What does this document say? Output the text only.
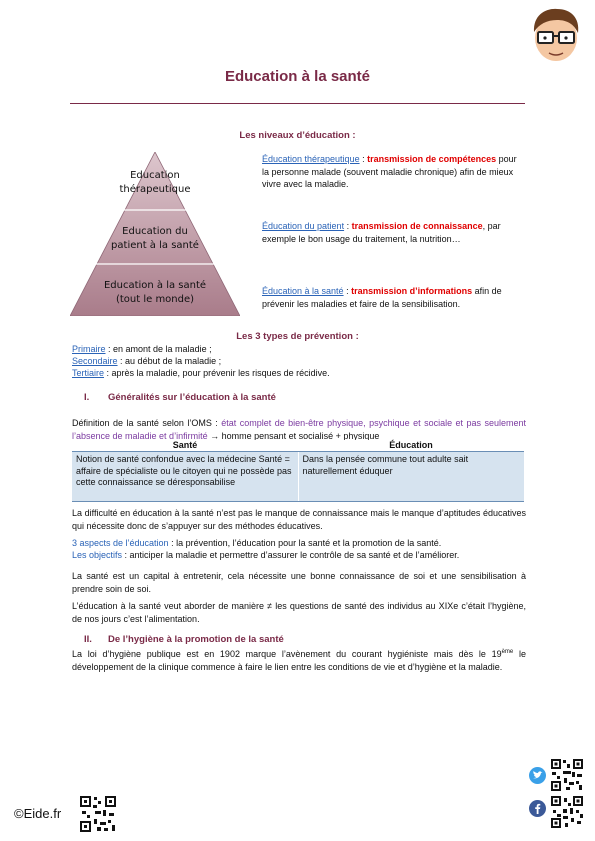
Education à la santé
Les niveaux d’éducation :
Education
thérapeutique
Education du
patient à la santé
Education à la santé
(tout le monde)
Éducation thérapeutique : transmission de compétences pour la personne malade (souvent maladie chronique) afin de mieux vivre avec la maladie.
Éducation du patient : transmission de connaissance, par exemple le bon usage du traitement, la nutrition…
Éducation à la santé : transmission d’informations afin de prévenir les maladies et faire de la sensibilisation.
Les 3 types de prévention :
Primaire : en amont de la maladie ;
Secondaire : au début de la maladie ;
Tertiaire : après la maladie, pour prévenir les risques de récidive.
I. Généralités sur l’éducation à la santé
Définition de la santé selon l’OMS : état complet de bien-être physique, psychique et sociale et pas seulement l’absence de maladie et d’infirmité → homme pensant et socialisé + physique
Santé	Éducation
Notion de santé confondue avec la médecine Santé = affaire de spécialiste ou le citoyen qui ne possède pas cette connaissance se déresponsabilise	Dans la pensée commune tout adulte sait naturellement éduquer
La difficulté en éducation à la santé n’est pas le manque de connaissance mais le manque d’aptitudes éducatives qui nécessite donc de s’appuyer sur des méthodes éducatives.
3 aspects de l’éducation : la prévention, l’éducation pour la santé et la promotion de la santé.
Les objectifs : anticiper la maladie et permettre d’assurer le contrôle de sa santé et de l’améliorer.
La santé est un capital à entretenir, cela nécessite une bonne connaissance de soi et une sensibilisation à prendre soin de soi.
L’éducation à la santé veut aborder de manière ≠ les questions de santé des individus au XIXe c’était l’hygiène, de nos jours c’est l’alimentation.
II. De l’hygiène à la promotion de la santé
La loi d’hygiène publique est en 1902 marque l’avènement du courant hygiéniste mais dès le 19ème le développement de la clinique commence à faire le lien entre les conditions de vie et d’hygiène et la maladie.
©Eide.fr
